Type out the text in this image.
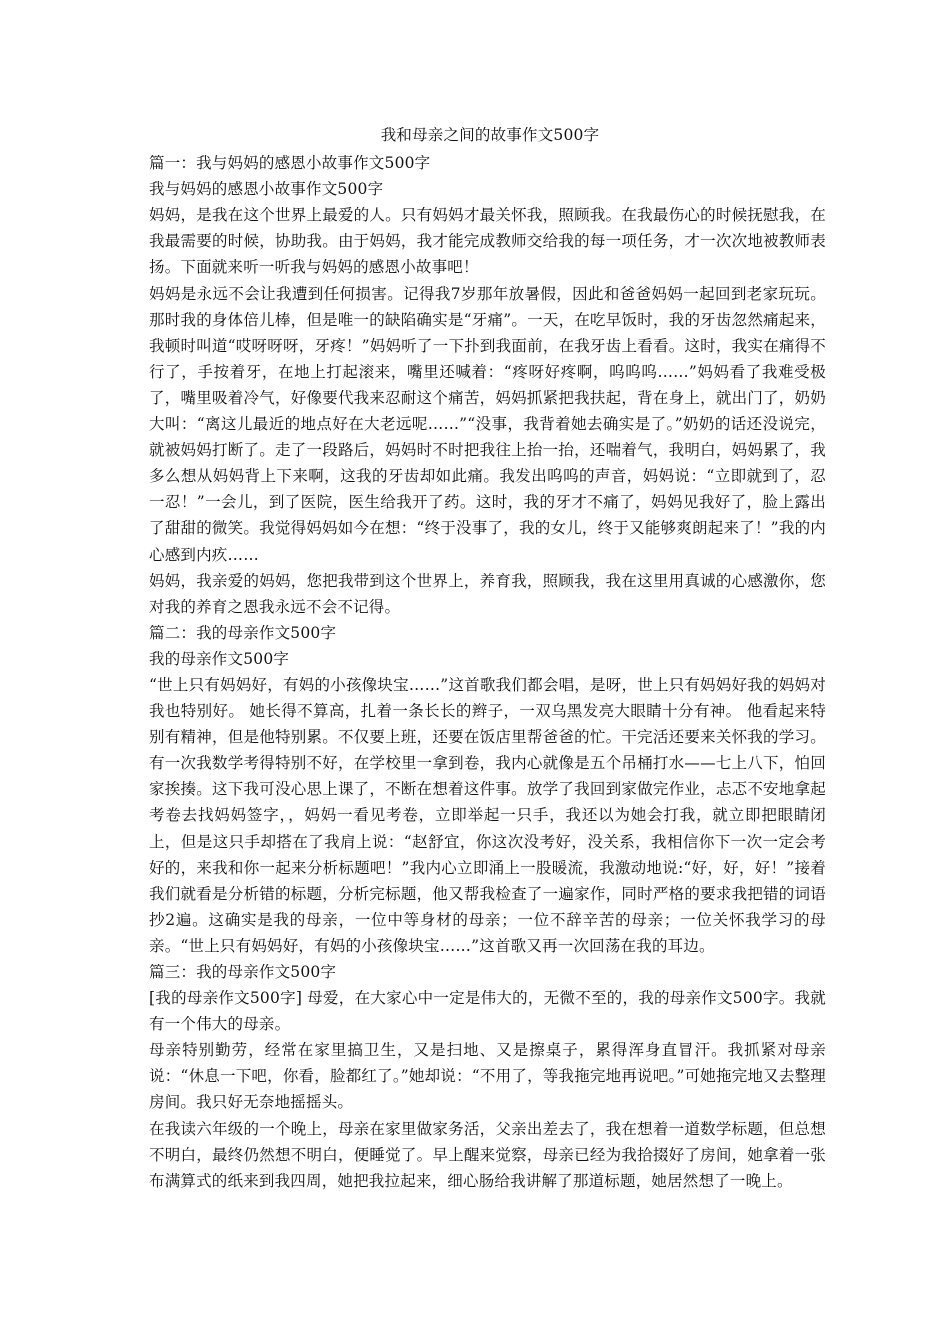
我和母亲之间的故事作文500字

篇一：我与妈妈的感恩小故事作文500字

我与妈妈的感恩小故事作文500字

妈妈，是我在这个世界上最爱的人。只有妈妈才最关怀我，照顾我。在我最伤心的时候抚慰我，在我最需要的时候，协助我。由于妈妈，我才能完成教师交给我的每一项任务，才一次次地被教师表扬。下面就来听一听我与妈妈的感恩小故事吧！

妈妈是永远不会让我遭到任何损害。记得我7岁那年放暑假，因此和爸爸妈妈一起回到老家玩玩。那时我的身体倍儿棒，但是唯一的缺陷确实是“牙痛”。一天，在吃早饭时，我的牙齿忽然痛起来，我顿时叫道“哎呀呀呀，牙疼！”妈妈听了一下扑到我面前，在我牙齿上看看。这时，我实在痛得不行了，手按着牙，在地上打起滚来，嘴里还喊着：“疼呀好疼啊，呜呜呜……”妈妈看了我难受极了，嘴里吸着冷气，好像要代我来忍耐这个痛苦，妈妈抓紧把我扶起，背在身上，就出门了，奶奶大叫：“离这儿最近的地点好在大老远呢……”“没事，我背着她去确实是了。”奶奶的话还没说完，就被妈妈打断了。走了一段路后，妈妈时不时把我往上抬一抬，还喘着气，我明白，妈妈累了，我多么想从妈妈背上下来啊，这我的牙齿却如此痛。我发出呜呜的声音，妈妈说：“立即就到了，忍一忍！”一会儿，到了医院，医生给我开了药。这时，我的牙才不痛了，妈妈见我好了，脸上露出了甜甜的微笑。我觉得妈妈如今在想：“终于没事了，我的女儿，终于又能够爽朗起来了！”我的内心感到内疚……

妈妈，我亲爱的妈妈，您把我带到这个世界上，养育我，照顾我，我在这里用真诚的心感激你，您对我的养育之恩我永远不会不记得。

篇二：我的母亲作文500字

我的母亲作文500字

“世上只有妈妈好，有妈的小孩像块宝……”这首歌我们都会唱，是呀，世上只有妈妈好我的妈妈对我也特别好。 她长得不算高，扎着一条长长的辫子，一双乌黑发亮大眼睛十分有神。 他看起来特别有精神，但是他特别累。不仅要上班，还要在饭店里帮爸爸的忙。干完活还要来关怀我的学习。有一次我数学考得特别不好，在学校里一拿到卷，我内心就像是五个吊桶打水——七上八下，怕回家挨揍。这下我可没心思上课了，不断在想着这件事。放学了我回到家做完作业，忐忑不安地拿起考卷去找妈妈签字，，妈妈一看见考卷，立即举起一只手，我还以为她会打我，就立即把眼睛闭上，但是这只手却搭在了我肩上说：“赵舒宜，你这次没考好，没关系，我相信你下一次一定会考好的，来我和你一起来分析标题吧！”我内心立即涌上一股暖流，我激动地说:“好，好，好！”接着我们就看是分析错的标题，分析完标题，他又帮我检查了一遍家作，同时严格的要求我把错的词语抄2遍。这确实是我的母亲，一位中等身材的母亲；一位不辞辛苦的母亲；一位关怀我学习的母亲。“世上只有妈妈好，有妈的小孩像块宝……”这首歌又再一次回荡在我的耳边。

篇三：我的母亲作文500字

[我的母亲作文500字] 母爱，在大家心中一定是伟大的，无微不至的，我的母亲作文500字。我就有一个伟大的母亲。

母亲特别勤劳，经常在家里搞卫生，又是扫地、又是擦桌子，累得浑身直冒汗。我抓紧对母亲说：“休息一下吧，你看，脸都红了。”她却说：“不用了，等我拖完地再说吧。”可她拖完地又去整理房间。我只好无奈地摇摇头。

在我读六年级的一个晚上，母亲在家里做家务活，父亲出差去了，我在想着一道数学标题，但总想不明白，最终仍然想不明白，便睡觉了。早上醒来觉察，母亲已经为我拾掇好了房间，她拿着一张布满算式的纸来到我四周，她把我拉起来，细心肠给我讲解了那道标题，她居然想了一晚上。
